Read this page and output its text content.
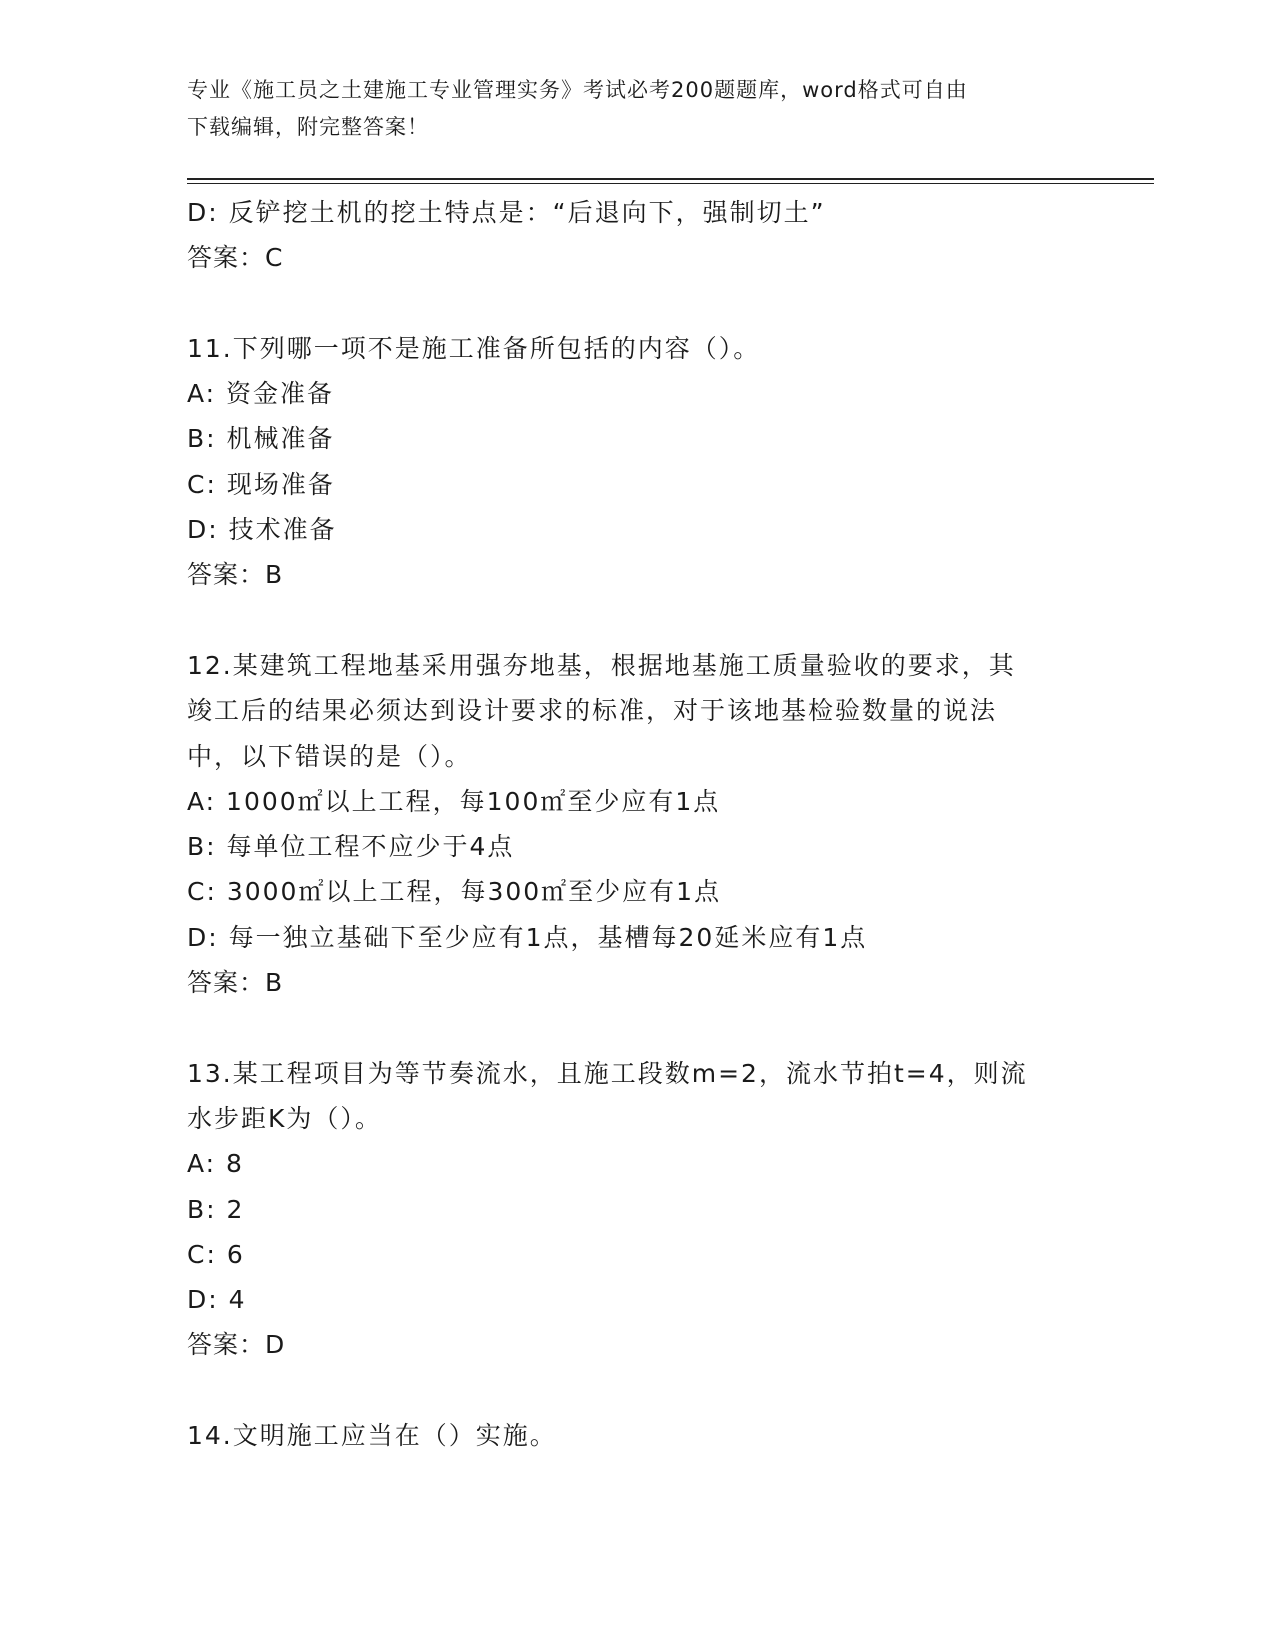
专业《施工员之土建施工专业管理实务》考试必考200题题库，word格式可自由
下载编辑，附完整答案！
D: 反铲挖土机的挖土特点是：“后退向下，强制切土”
答案：C
11.下列哪一项不是施工准备所包括的内容（）。
A: 资金准备
B: 机械准备
C: 现场准备
D: 技术准备
答案：B
12.某建筑工程地基采用强夯地基，根据地基施工质量验收的要求，其
竣工后的结果必须达到设计要求的标准，对于该地基检验数量的说法
中，以下错误的是（）。
A: 1000㎡以上工程，每100㎡至少应有1点
B: 每单位工程不应少于4点
C: 3000㎡以上工程，每300㎡至少应有1点
D: 每一独立基础下至少应有1点，基槽每20延米应有1点
答案：B
13.某工程项目为等节奏流水，且施工段数m=2，流水节拍t=4，则流
水步距K为（）。
A: 8
B: 2
C: 6
D: 4
答案：D
14.文明施工应当在（）实施。
